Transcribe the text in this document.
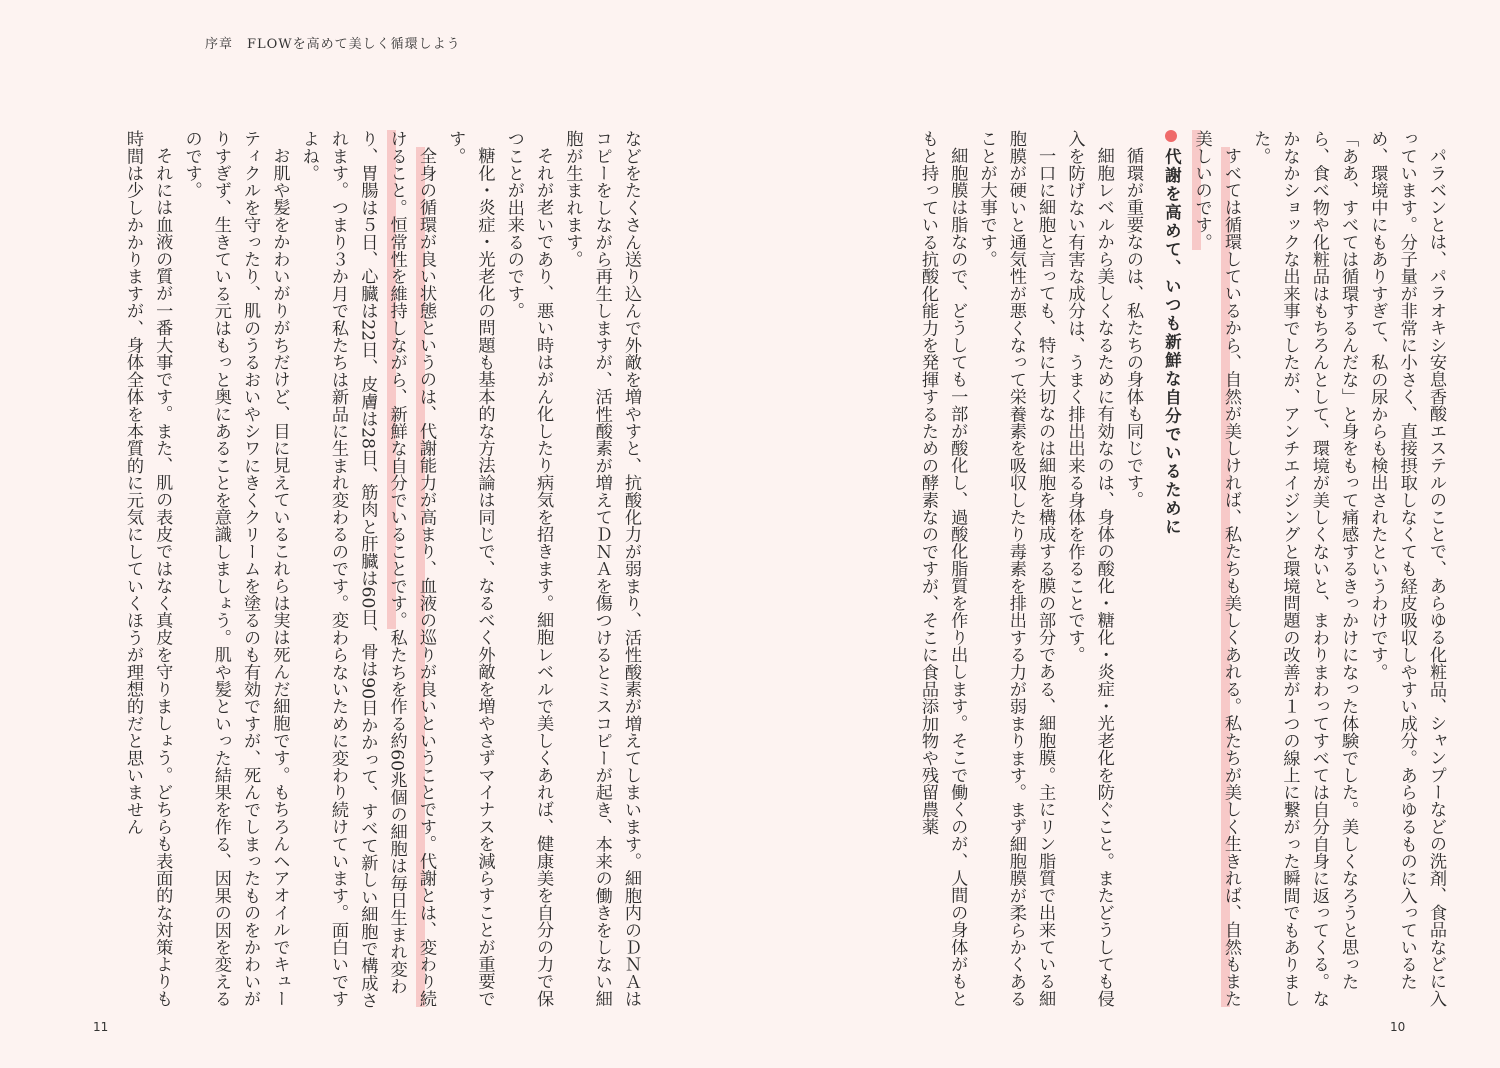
序章　FLOWを高めて美しく循環しよう

パラベンとは、パラオキシ安息香酸エステルのことで、あらゆる化粧品、シャンプーなどの洗剤、食品などに入っています。分子量が非常に小さく、直接摂取しなくても経皮吸収しやすい成分。あらゆるものに入っているため、環境中にもありすぎて、私の尿からも検出されたというわけです。

「ああ、すべては循環するんだな」と身をもって痛感するきっかけになった体験でした。美しくなろうと思ったら、食べ物や化粧品はもちろんとして、環境が美しくないと、まわりまわってすべては自分自身に返ってくる。なかなかショックな出来事でしたが、アンチエイジングと環境問題の改善が１つの線上に繋がった瞬間でもありました。

すべては循環しているから、自然が美しければ、私たちも美しくあれる。私たちが美しく生きれば、自然もまた美しいのです。

代謝を高めて、いつも新鮮な自分でいるために

循環が重要なのは、私たちの身体も同じです。

細胞レベルから美しくなるために有効なのは、身体の酸化・糖化・炎症・光老化を防ぐこと。またどうしても侵入を防げない有害な成分は、うまく排出出来る身体を作ることです。

一口に細胞と言っても、特に大切なのは細胞を構成する膜の部分である、細胞膜。主にリン脂質で出来ている細胞膜が硬いと通気性が悪くなって栄養素を吸収したり毒素を排出する力が弱まります。まず細胞膜が柔らかくあることが大事です。

細胞膜は脂なので、どうしても一部が酸化し、過酸化脂質を作り出します。そこで働くのが、人間の身体がもともと持っている抗酸化能力を発揮するための酵素なのですが、そこに食品添加物や残留農薬

などをたくさん送り込んで外敵を増やすと、抗酸化力が弱まり、活性酸素が増えてしまいます。細胞内のＤＮＡはコピーをしながら再生しますが、活性酸素が増えてＤＮＡを傷つけるとミスコピーが起き、本来の働きをしない細胞が生まれます。

それが老いであり、悪い時はがん化したり病気を招きます。細胞レベルで美しくあれば、健康美を自分の力で保つことが出来るのです。

糖化・炎症・光老化の問題も基本的な方法論は同じで、なるべく外敵を増やさずマイナスを減らすことが重要です。

全身の循環が良い状態というのは、代謝能力が高まり、血液の巡りが良いということです。代謝とは、変わり続けること。恒常性を維持しながら、新鮮な自分でいることです。私たちを作る約60兆個の細胞は毎日生まれ変わり、胃腸は５日、心臓は22日、皮膚は28日、筋肉と肝臓は60日、骨は90日かかって、すべて新しい細胞で構成されます。つまり３か月で私たちは新品に生まれ変わるのです。変わらないために変わり続けています。面白いですよね。

お肌や髪をかわいがりがちだけど、目に見えているこれらは実は死んだ細胞です。もちろんヘアオイルでキューティクルを守ったり、肌のうるおいやシワにきくクリームを塗るのも有効ですが、死んでしまったものをかわいがりすぎず、生きている元はもっと奥にあることを意識しましょう。肌や髪といった結果を作る、因果の因を変えるのです。

それには血液の質が一番大事です。また、肌の表皮ではなく真皮を守りましょう。どちらも表面的な対策よりも時間は少しかかりますが、身体全体を本質的に元気にしていくほうが理想的だと思いません

11	10
